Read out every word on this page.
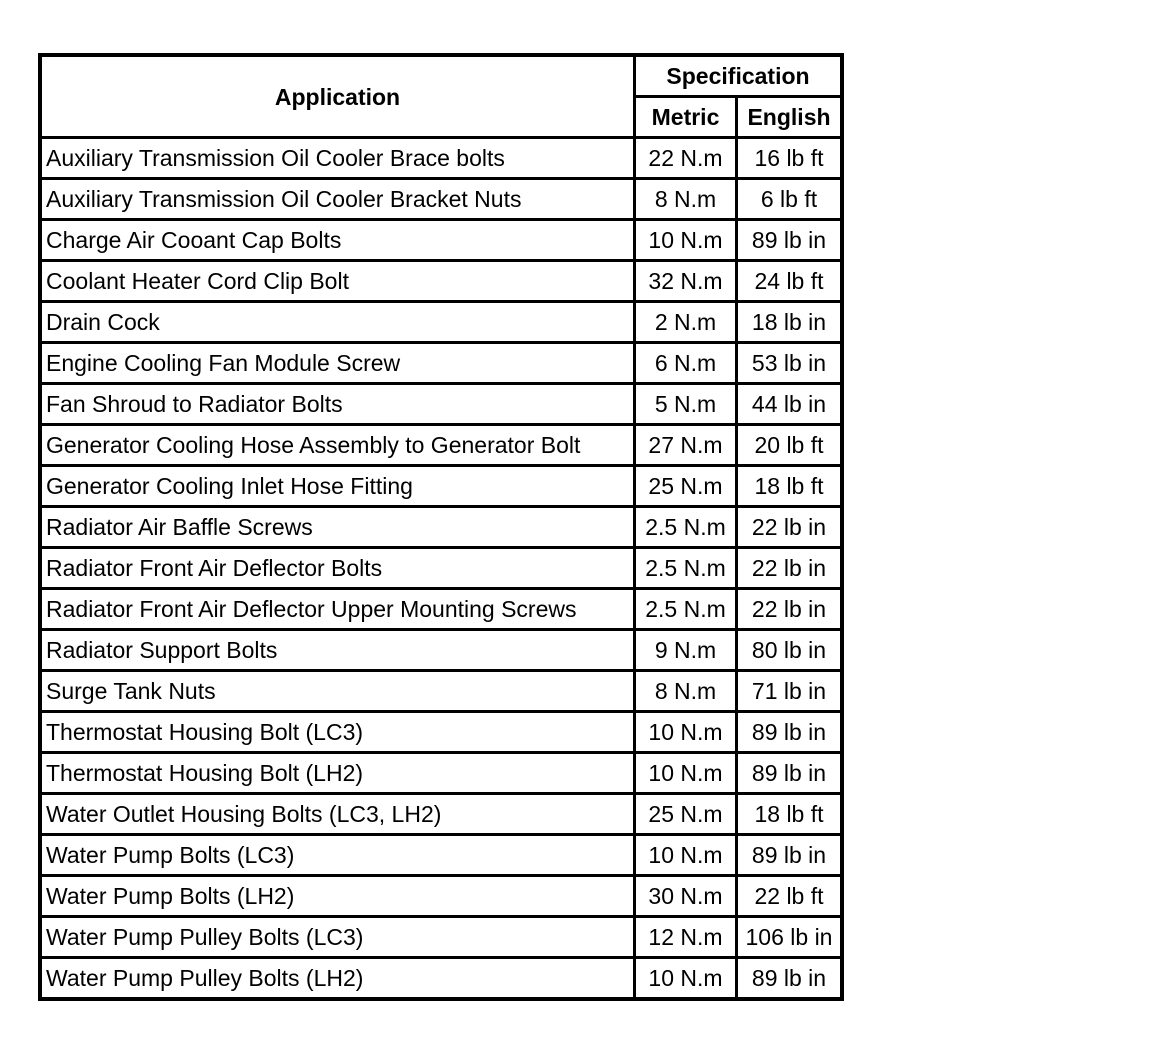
Application	Specification	
	Metric	English
Auxiliary Transmission Oil Cooler Brace bolts	22 N.m	16 lb ft
Auxiliary Transmission Oil Cooler Bracket Nuts	8 N.m	6 lb ft
Charge Air Cooant Cap Bolts	10 N.m	89 lb in
Coolant Heater Cord Clip Bolt	32 N.m	24 lb ft
Drain Cock	2 N.m	18 lb in
Engine Cooling Fan Module Screw	6 N.m	53 lb in
Fan Shroud to Radiator Bolts	5 N.m	44 lb in
Generator Cooling Hose Assembly to Generator Bolt	27 N.m	20 lb ft
Generator Cooling Inlet Hose Fitting	25 N.m	18 lb ft
Radiator Air Baffle Screws	2.5 N.m	22 lb in
Radiator Front Air Deflector Bolts	2.5 N.m	22 lb in
Radiator Front Air Deflector Upper Mounting Screws	2.5 N.m	22 lb in
Radiator Support Bolts	9 N.m	80 lb in
Surge Tank Nuts	8 N.m	71 lb in
Thermostat Housing Bolt (LC3)	10 N.m	89 lb in
Thermostat Housing Bolt (LH2)	10 N.m	89 lb in
Water Outlet Housing Bolts (LC3, LH2)	25 N.m	18 lb ft
Water Pump Bolts (LC3)	10 N.m	89 lb in
Water Pump Bolts (LH2)	30 N.m	22 lb ft
Water Pump Pulley Bolts (LC3)	12 N.m	106 lb in
Water Pump Pulley Bolts (LH2)	10 N.m	89 lb in
